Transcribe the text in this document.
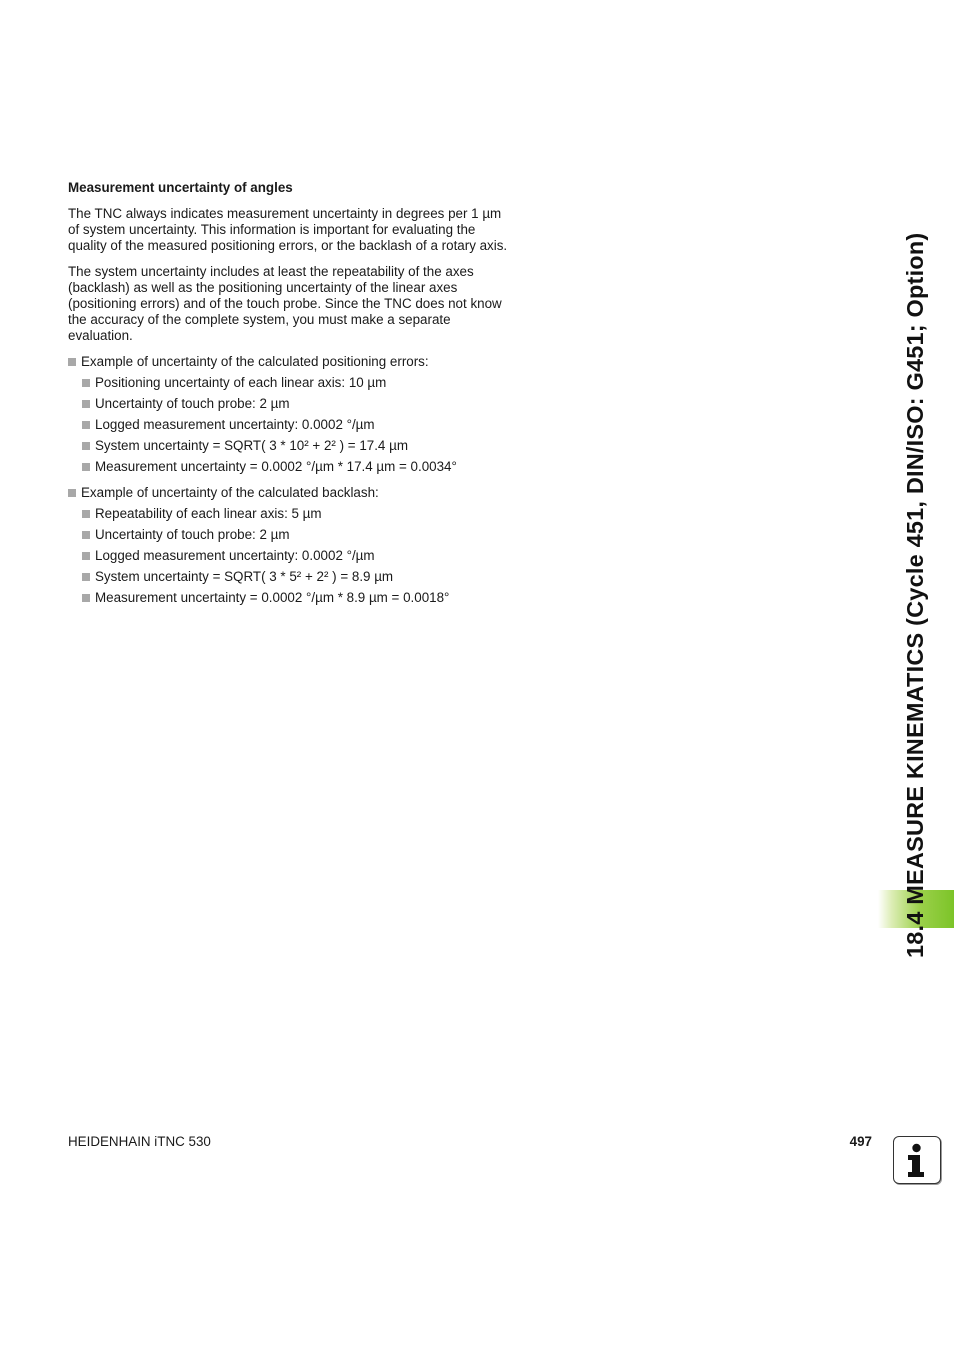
Measurement uncertainty of angles

The TNC always indicates measurement uncertainty in degrees per 1 µm of system uncertainty. This information is important for evaluating the quality of the measured positioning errors, or the backlash of a rotary axis.

The system uncertainty includes at least the repeatability of the axes (backlash) as well as the positioning uncertainty of the linear axes (positioning errors) and of the touch probe. Since the TNC does not know the accuracy of the complete system, you must make a separate evaluation.

Example of uncertainty of the calculated positioning errors:
Positioning uncertainty of each linear axis: 10 µm
Uncertainty of touch probe: 2 µm
Logged measurement uncertainty: 0.0002 °/µm
System uncertainty = SQRT( 3 * 10² + 2² ) = 17.4 µm
Measurement uncertainty = 0.0002 °/µm * 17.4 µm = 0.0034°
Example of uncertainty of the calculated backlash:
Repeatability of each linear axis: 5 µm
Uncertainty of touch probe: 2 µm
Logged measurement uncertainty: 0.0002 °/µm
System uncertainty = SQRT( 3 * 5² + 2² ) = 8.9 µm
Measurement uncertainty = 0.0002 °/µm * 8.9 µm = 0.0018°	18.4 MEASURE KINEMATICS (Cycle 451, DIN/ISO: G451; Option)
HEIDENHAIN iTNC 530	497
